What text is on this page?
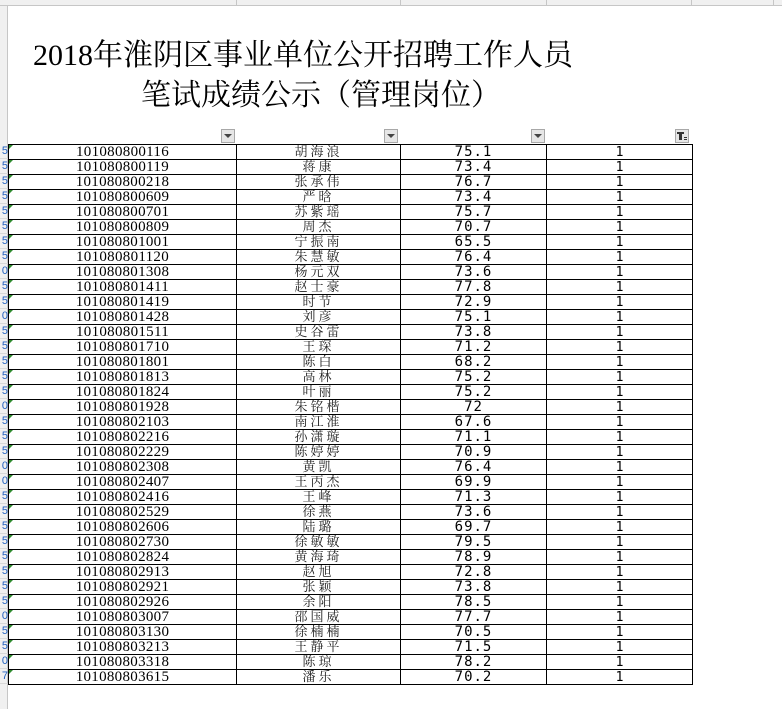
5
5
5
5
5
5
5
5
0
5
5
0
5
5
5
5
5
0
5
5
5
0
0
5
5
5
5
5
5
5
5
0
5
5
0
7
2018年淮阴区事业单位公开招聘工作人员
笔试成绩公示（管理岗位）
101080800116	胡海浪	75.1	1

101080800119	蒋康	73.4	1

101080800218	张承伟	76.7	1

101080800609	严晗	73.4	1

101080800701	苏紫瑶	75.7	1

101080800809	周杰	70.7	1

101080801001	宁振南	65.5	1

101080801120	朱慧敏	76.4	1

101080801308	杨元双	73.6	1

101080801411	赵士豪	77.8	1

101080801419	时节	72.9	1

101080801428	刘彦	75.1	1

101080801511	史谷雷	73.8	1

101080801710	王琛	71.2	1

101080801801	陈白	68.2	1

101080801813	高林	75.2	1

101080801824	叶丽	75.2	1

101080801928	朱铭楷	72	1

101080802103	南江淮	67.6	1

101080802216	孙潇璇	71.1	1

101080802229	陈婷婷	70.9	1

101080802308	黄凯	76.4	1

101080802407	王丙杰	69.9	1

101080802416	王峰	71.3	1

101080802529	徐燕	73.6	1

101080802606	陆璐	69.7	1

101080802730	徐敏敏	79.5	1

101080802824	黄海琦	78.9	1

101080802913	赵旭	72.8	1

101080802921	张颖	73.8	1

101080802926	余阳	78.5	1

101080803007	邵国威	77.7	1

101080803130	徐楠楠	70.5	1

101080803213	王静平	71.5	1

101080803318	陈琼	78.2	1

101080803615	潘乐	70.2	1
